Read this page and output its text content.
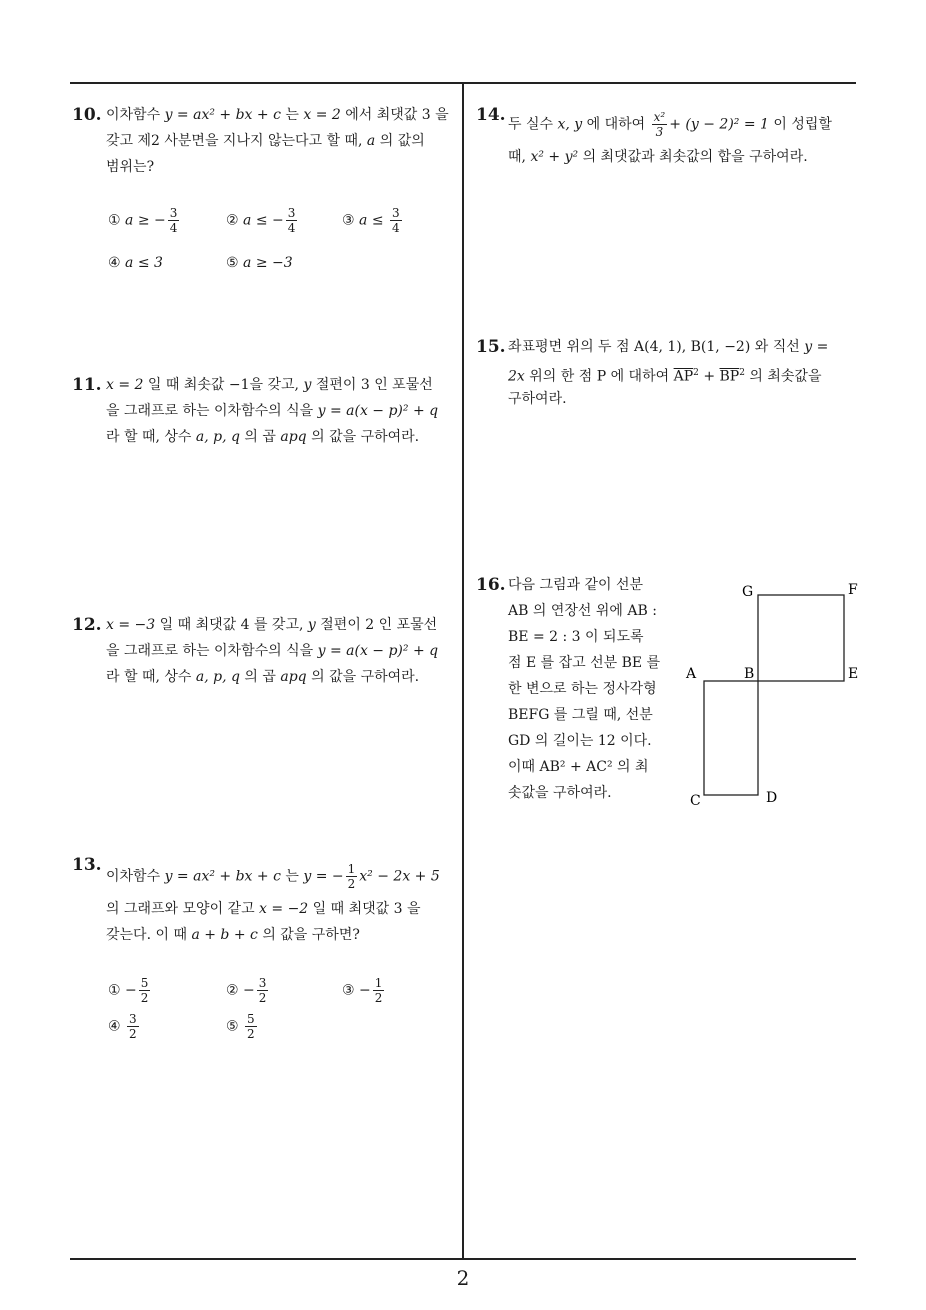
10. 이차함수 y = ax² + bx + c 는 x = 2 에서 최댓값 3 을
갖고 제2 사분면을 지나지 않는다고 할 때, a 의 값의
범위는?
① a ≥ − $\frac{3}{4}$	② a ≤ − $\frac{3}{4}$	③ $a \le \frac{3}{4}$
④ a ≤ 3	⑤ a ≥ −3
11. x = 2 일 때 최솟값 −1을 갖고, y 절편이 3 인 포물선
을 그래프로 하는 이차함수의 식을 y = a(x − p)² + q
라 할 때, 상수 a, p, q 의 곱 apq 의 값을 구하여라.
12. x = −3 일 때 최댓값 4 를 갖고, y 절편이 2 인 포물선
을 그래프로 하는 이차함수의 식을 y = a(x − p)² + q
라 할 때, 상수 a, p, q 의 곱 apq 의 값을 구하여라.
13.
이차함수 y = ax² + bx + c 는 y = − $\frac{1}{2} x^2 - 2x + 5$
의 그래프와 모양이 같고 x = −2 일 때 최댓값 3 을
갖는다. 이 때 a + b + c 의 값을 구하면?
① − $\frac{5}{2}$	② − $\frac{3}{2}$	③ − $\frac{1}{2}$
④ $\frac{3}{2}$	⑤ $\frac{5}{2}$
14. 두 실수 x, y 에 대하여 $\frac{\text{x²}}{3} + (y - 2)^2 = 1$ 이 성립할
때, x² + y² 의 최댓값과 최솟값의 합을 구하여라.
15. 좌표평면 위의 두 점 A(4, 1), B(1, −2) 와 직선 y =
2x 위의 한 점 P 에 대하여 $\overline{AP}^2 + \overline{BP}^2$ 의 최솟값을
구하여라.
16. 다음 그림과 같이 선분
AB 의 연장선 위에 AB :
BE = 2 : 3 이 되도록
점 E 를 잡고 선분 BE 를
한 변으로 하는 정사각형
BEFG 를 그릴 때, 선분
GD 의 길이는 12 이다.
이때 AB² + AC² 의 최
솟값을 구하여라.
G	F
A	B	E
C	D
2
